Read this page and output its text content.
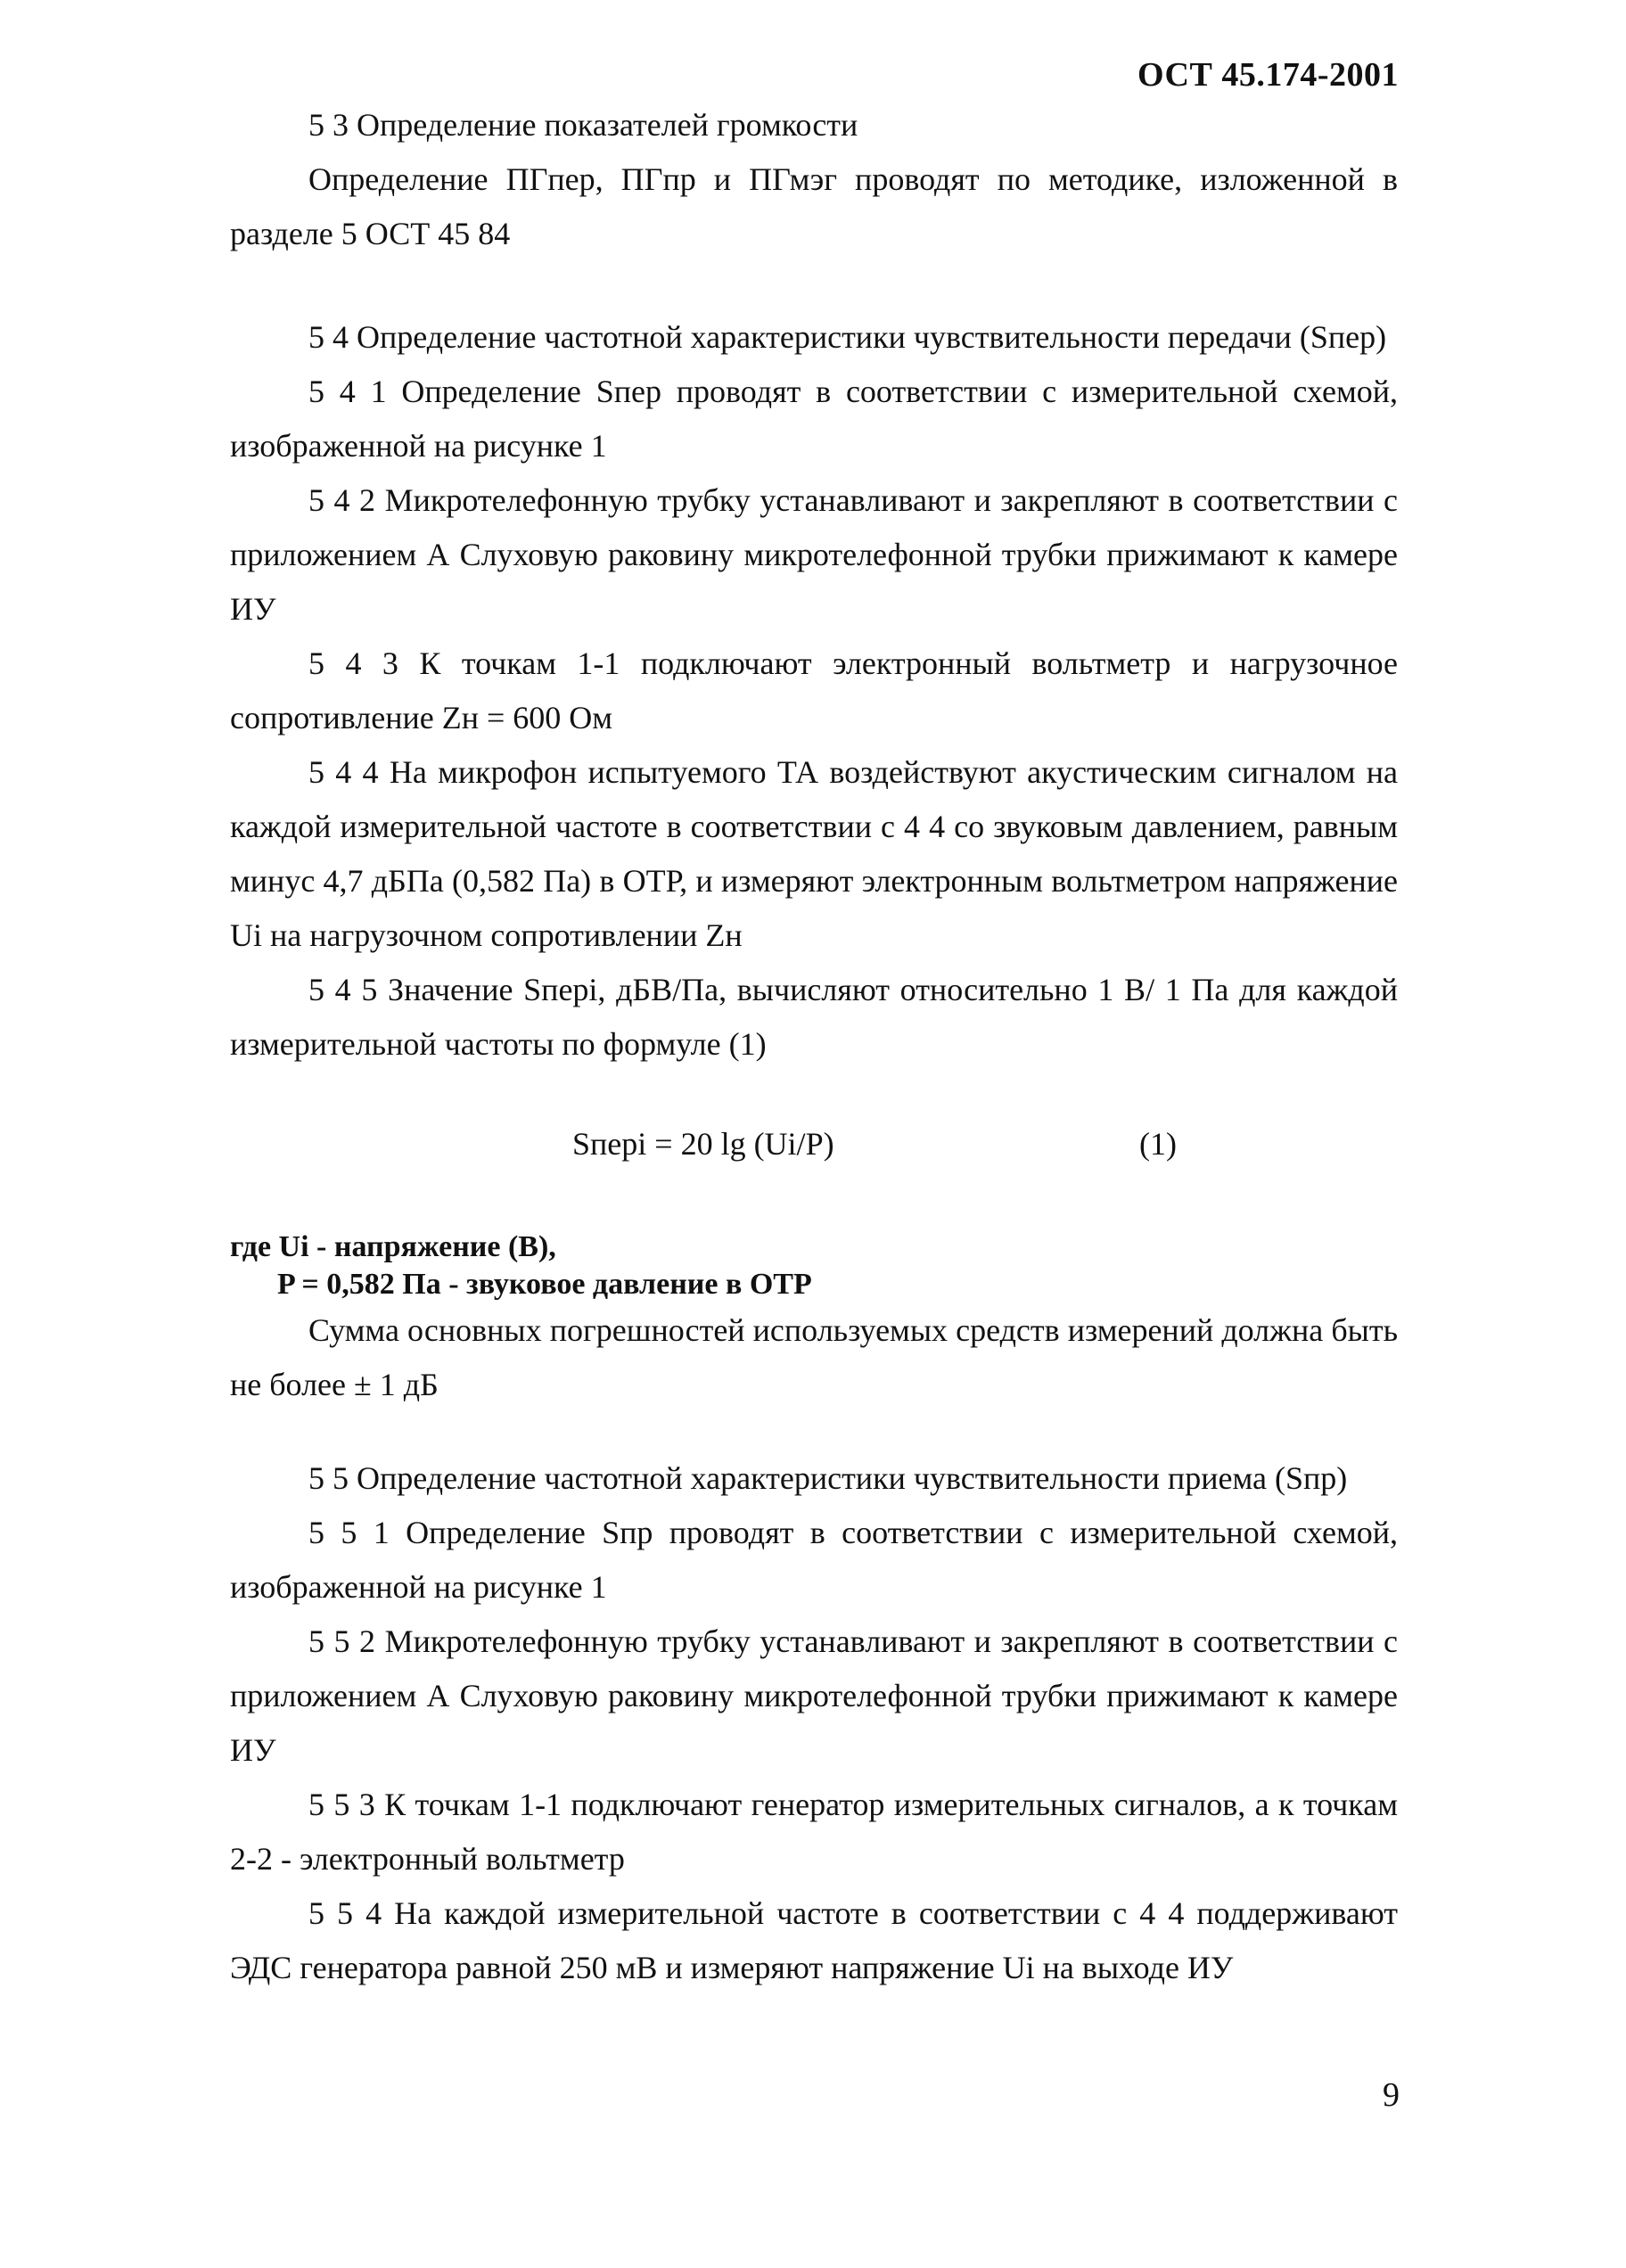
ОСТ 45.174-2001

5 3 Определение показателей громкости

Определение ПГпер, ПГпр и ПГмэг проводят по методике, изложенной в разделе 5 ОСТ 45 84

5 4 Определение частотной характеристики чувствительности передачи (Sпер)

5 4 1 Определение Sпер проводят в соответствии с измерительной схемой, изображенной на рисунке 1

5 4 2 Микротелефонную трубку устанавливают и закрепляют в соответствии с приложением А Слуховую раковину микротелефонной трубки прижимают к камере ИУ

5 4 3 К точкам 1-1 подключают электронный вольтметр и нагрузочное сопротивление Zн = 600 Ом

5 4 4 На микрофон испытуемого ТА воздействуют акустическим сигналом на каждой измерительной частоте в соответствии с 4 4 со звуковым давлением, равным минус 4,7 дБПа (0,582 Па) в ОТР, и измеряют электронным вольтметром напряжение Ui на нагрузочном сопротивлении Zн

5 4 5 Значение Sперi, дБВ/Па, вычисляют относительно 1 В/ 1 Па для каждой измерительной частоты по формуле (1)

Sперi = 20 lg (Ui/P)	(1)
где Ui - напряжение (В),
P = 0,582 Па - звуковое давление в ОТР

Сумма основных погрешностей используемых средств измерений должна быть не более ± 1 дБ

5 5 Определение частотной характеристики чувствительности приема (Sпр)

5 5 1 Определение Sпр проводят в соответствии с измерительной схемой, изображенной на рисунке 1

5 5 2 Микротелефонную трубку устанавливают и закрепляют в соответствии с приложением А Слуховую раковину микротелефонной трубки прижимают к камере ИУ

5 5 3 К точкам 1-1 подключают генератор измерительных сигналов, а к точкам 2-2 - электронный вольтметр

5 5 4 На каждой измерительной частоте в соответствии с 4 4 поддерживают ЭДС генератора равной 250 мВ и измеряют напряжение Ui на выходе ИУ

9
